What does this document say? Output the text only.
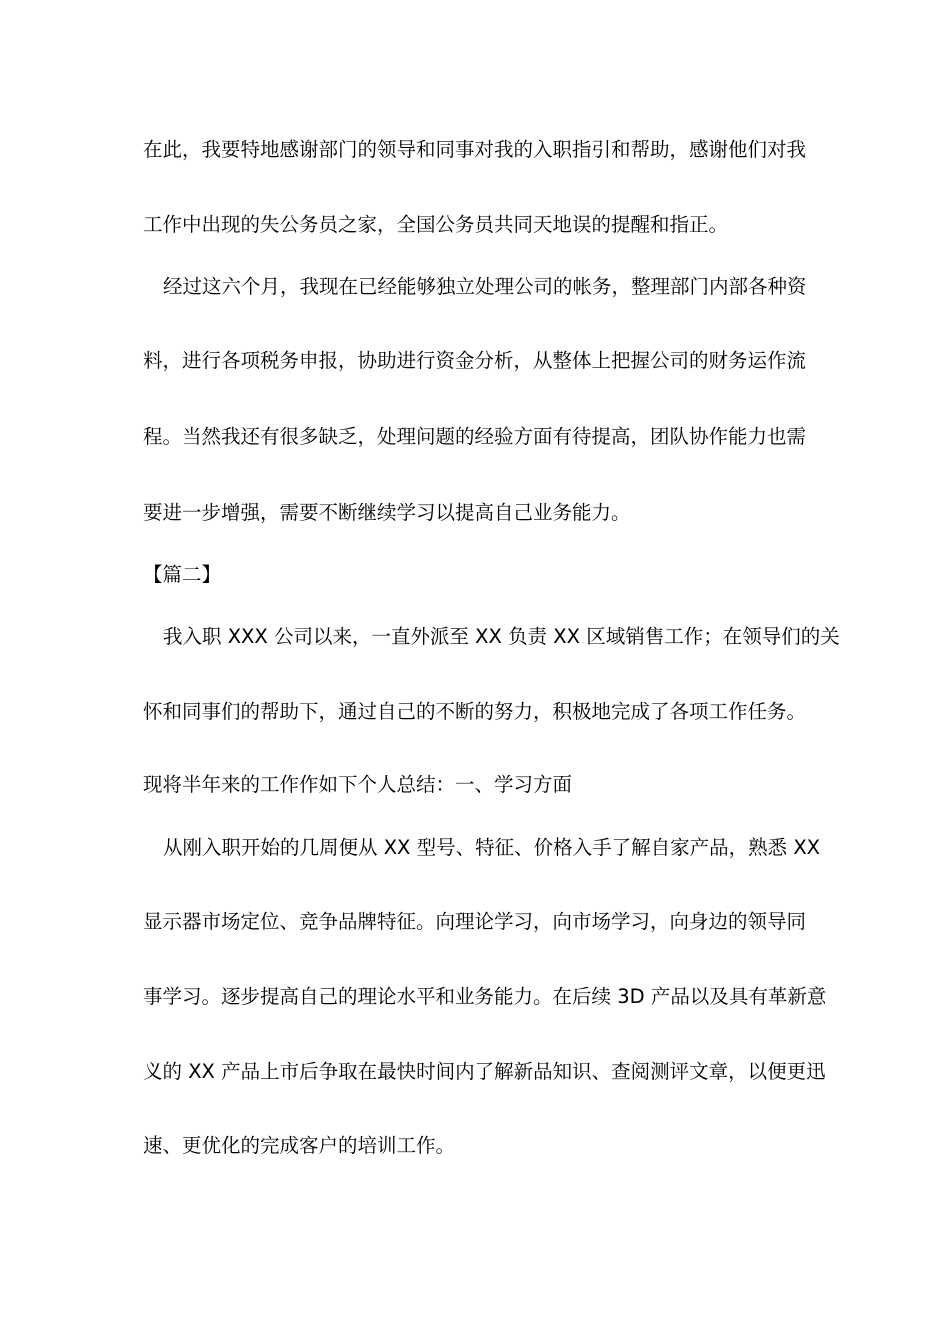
在此，我要特地感谢部门的领导和同事对我的入职指引和帮助，感谢他们对我
工作中出现的失公务员之家，全国公务员共同天地误的提醒和指正。
经过这六个月，我现在已经能够独立处理公司的帐务，整理部门内部各种资
料，进行各项税务申报，协助进行资金分析，从整体上把握公司的财务运作流
程。当然我还有很多缺乏，处理问题的经验方面有待提高，团队协作能力也需
要进一步增强，需要不断继续学习以提高自己业务能力。
【篇二】
我入职 XXX 公司以来，一直外派至 XX 负责 XX 区域销售工作；在领导们的关
怀和同事们的帮助下，通过自己的不断的努力，积极地完成了各项工作任务。
现将半年来的工作作如下个人总结：一、学习方面
从刚入职开始的几周便从 XX 型号、特征、价格入手了解自家产品，熟悉 XX
显示器市场定位、竞争品牌特征。向理论学习，向市场学习，向身边的领导同
事学习。逐步提高自己的理论水平和业务能力。在后续 3D 产品以及具有革新意
义的 XX 产品上市后争取在最快时间内了解新品知识、查阅测评文章，以便更迅
速、更优化的完成客户的培训工作。
